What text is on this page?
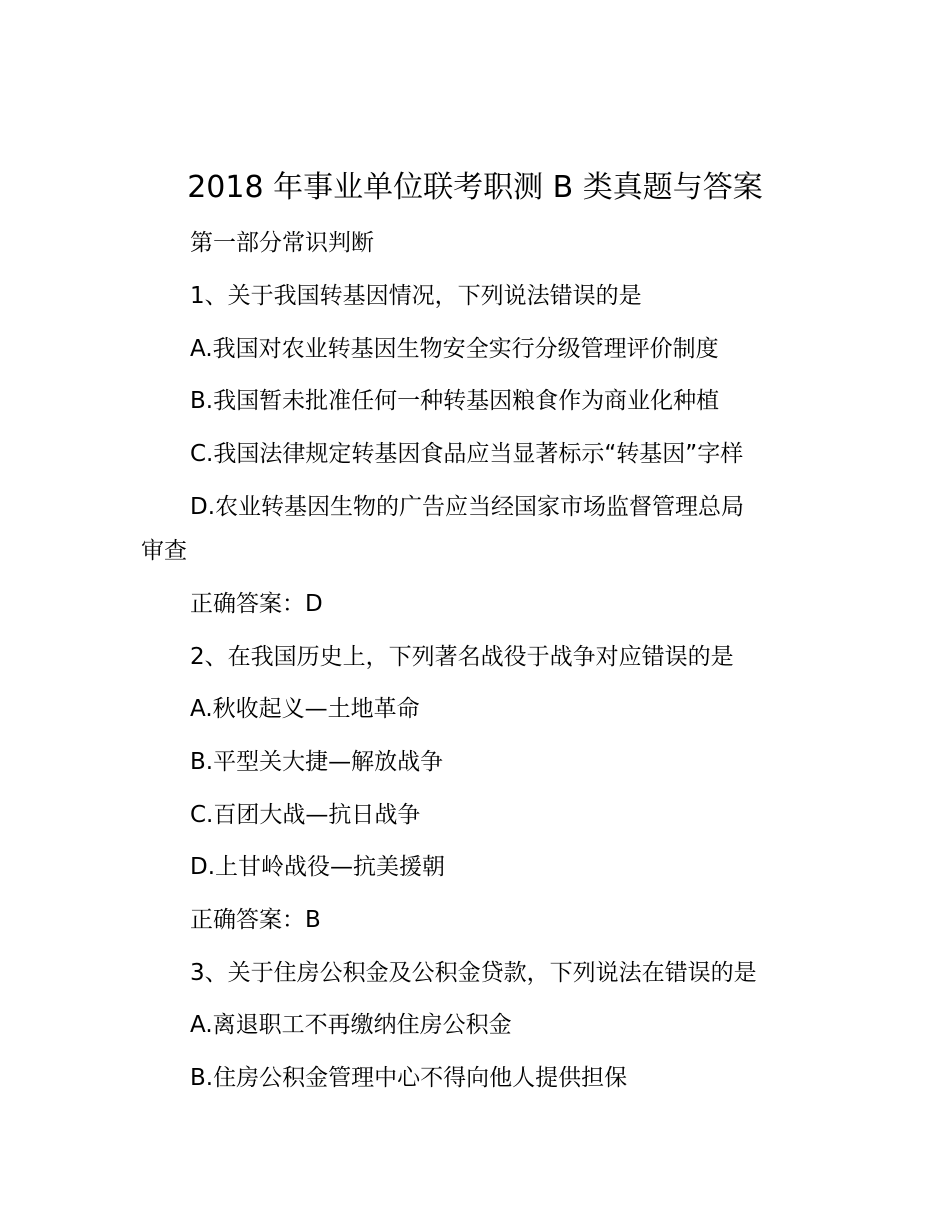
2018 年事业单位联考职测 B 类真题与答案
第一部分常识判断
1、关于我国转基因情况，下列说法错误的是
A.我国对农业转基因生物安全实行分级管理评价制度
B.我国暂未批准任何一种转基因粮食作为商业化种植
C.我国法律规定转基因食品应当显著标示“转基因”字样
D.农业转基因生物的广告应当经国家市场监督管理总局
审查
正确答案：D
2、在我国历史上，下列著名战役于战争对应错误的是
A.秋收起义—土地革命
B.平型关大捷—解放战争
C.百团大战—抗日战争
D.上甘岭战役—抗美援朝
正确答案：B
3、关于住房公积金及公积金贷款，下列说法在错误的是
A.离退职工不再缴纳住房公积金
B.住房公积金管理中心不得向他人提供担保
